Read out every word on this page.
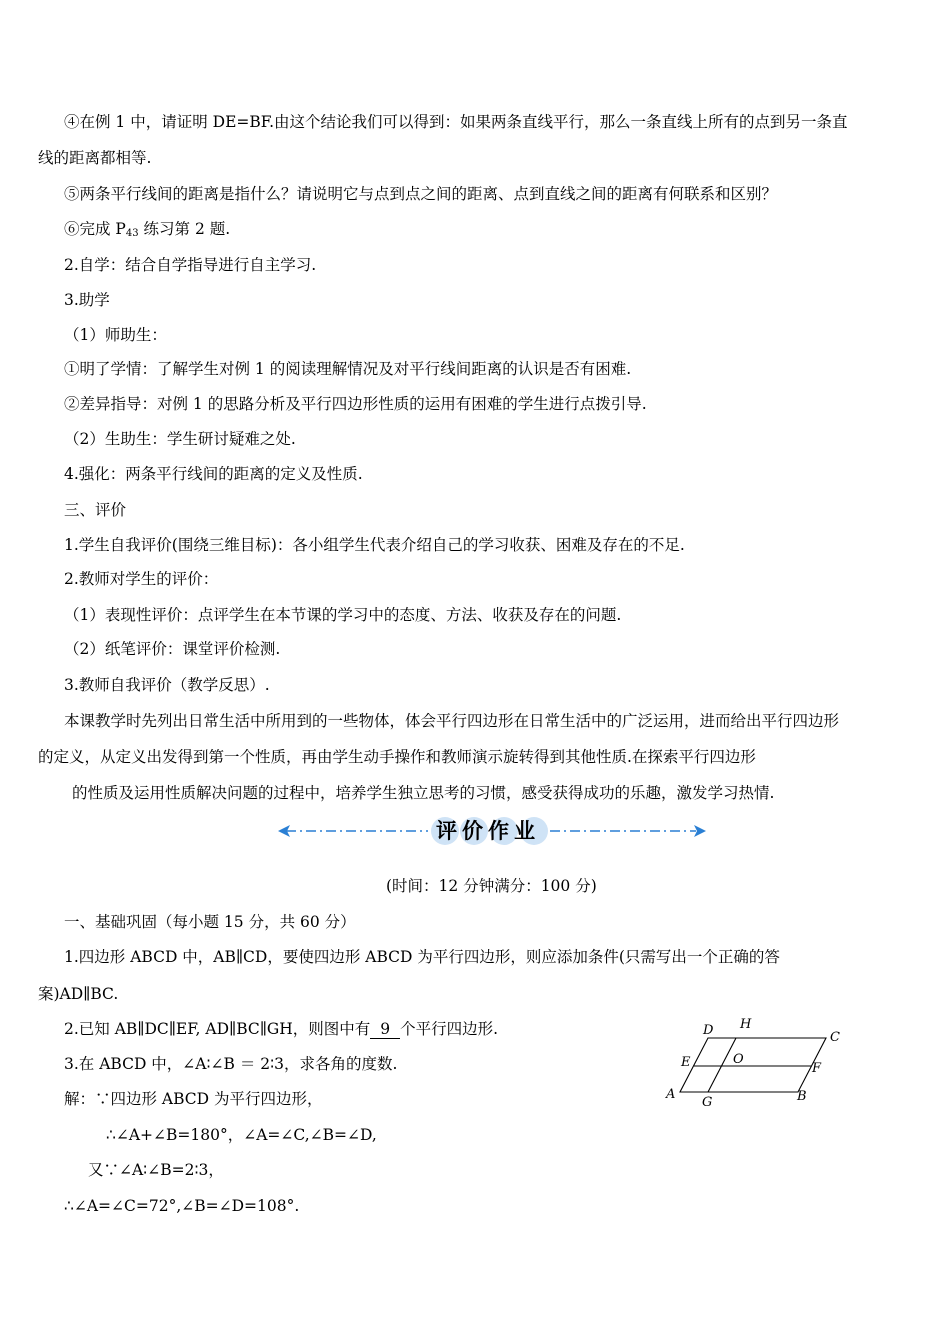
④在例 1 中，请证明 DE=BF.由这个结论我们可以得到：如果两条直线平行，那么一条直线上所有的点到另一条直
线的距离都相等.
⑤两条平行线间的距离是指什么？请说明它与点到点之间的距离、点到直线之间的距离有何联系和区别？
⑥完成 $P_{43}$ 练习第 2 题.
2.自学：结合自学指导进行自主学习.
3.助学
（1）师助生：
①明了学情：了解学生对例 1 的阅读理解情况及对平行线间距离的认识是否有困难.
②差异指导：对例 1 的思路分析及平行四边形性质的运用有困难的学生进行点拨引导.
（2）生助生：学生研讨疑难之处.
4.强化：两条平行线间的距离的定义及性质.
三、评价
1.学生自我评价(围绕三维目标)：各小组学生代表介绍自己的学习收获、困难及存在的不足.
2.教师对学生的评价：
（1）表现性评价：点评学生在本节课的学习中的态度、方法、收获及存在的问题.
（2）纸笔评价：课堂评价检测.
3.教师自我评价（教学反思）.
本课教学时先列出日常生活中所用到的一些物体，体会平行四边形在日常生活中的广泛运用，进而给出平行四边形
的定义，从定义出发得到第一个性质，再由学生动手操作和教师演示旋转得到其他性质.在探索平行四边形
的性质及运用性质解决问题的过程中，培养学生独立思考的习惯，感受获得成功的乐趣，激发学习热情.
评价作业
(时间：12 分钟满分：100 分)
一、基础巩固（每小题 15 分，共 60 分）
1.四边形 ABCD 中，AB∥CD，要使四边形 ABCD 为平行四边形，则应添加条件(只需写出一个正确的答
案)AD∥BC.
2.已知 AB∥DC∥EF, AD∥BC∥GH，则图中有 9 个平行四边形.
3.在 ABCD 中，∠A∶∠B ＝ 2∶3，求各角的度数.
解：∵四边形 ABCD 为平行四边形，
∴∠A+∠B=180°，∠A=∠C,∠B=∠D,
又∵∠A∶∠B=2∶3，
∴∠A=∠C=72°,∠B=∠D=108°.
D H
C
E	O
F
A
G	B
